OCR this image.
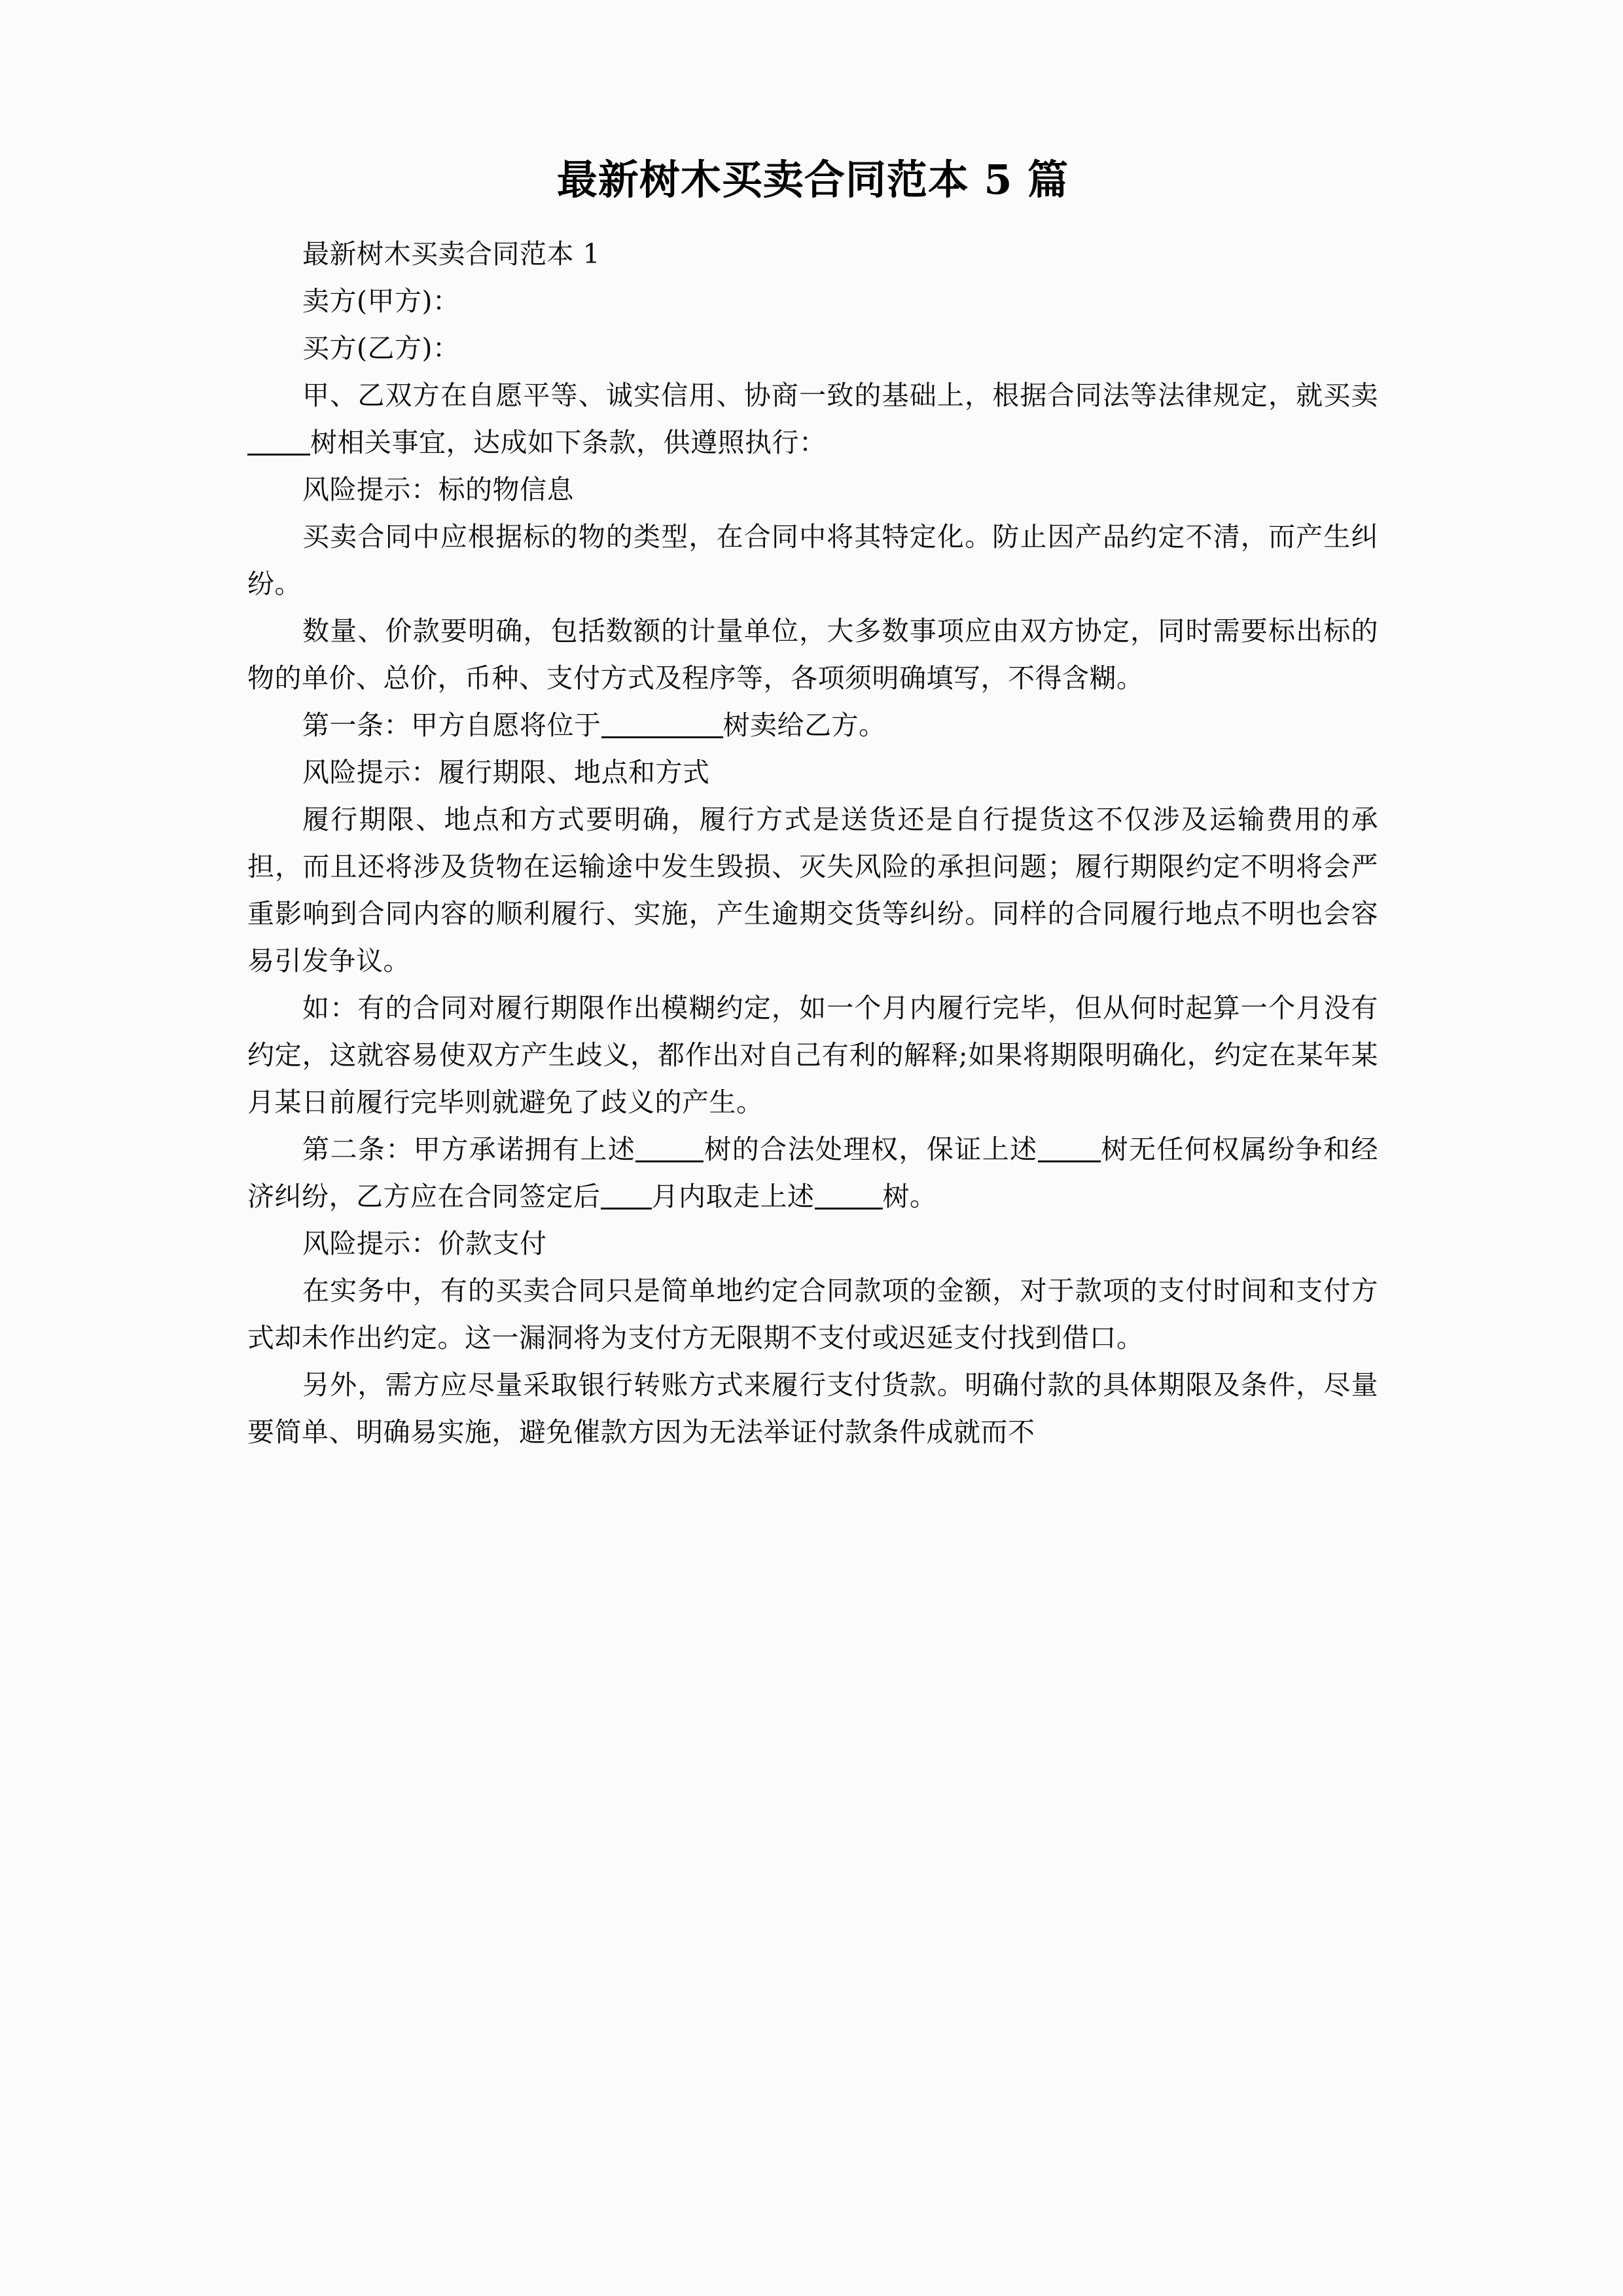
最新树木买卖合同范本 5 篇

最新树木买卖合同范本 1

卖方(甲方)：

买方(乙方)：

甲、乙双方在自愿平等、诚实信用、协商一致的基础上，根据合同法等法律规定，就买卖树相关事宜，达成如下条款，供遵照执行：

风险提示：标的物信息

买卖合同中应根据标的物的类型，在合同中将其特定化。防止因产品约定不清，而产生纠纷。

数量、价款要明确，包括数额的计量单位，大多数事项应由双方协定，同时需要标出标的物的单价、总价，币种、支付方式及程序等，各项须明确填写，不得含糊。

第一条：甲方自愿将位于	树卖给乙方。

风险提示：履行期限、地点和方式

履行期限、地点和方式要明确，履行方式是送货还是自行提货这不仅涉及运输费用的承担，而且还将涉及货物在运输途中发生毁损、灭失风险的承担问题；履行期限约定不明将会严重影响到合同内容的顺利履行、实施，产生逾期交货等纠纷。同样的合同履行地点不明也会容易引发争议。

如：有的合同对履行期限作出模糊约定，如一个月内履行完毕，但从何时起算一个月没有约定，这就容易使双方产生歧义，都作出对自己有利的解释;如果将期限明确化，约定在某年某月某日前履行完毕则就避免了歧义的产生。

第二条：甲方承诺拥有上述	树的合法处理权，保证上述 树无任何权属纷争和经济纠纷，乙方应在合同签定后 月内取走上述	树。

风险提示：价款支付

在实务中，有的买卖合同只是简单地约定合同款项的金额，对于款项的支付时间和支付方式却未作出约定。这一漏洞将为支付方无限期不支付或迟延支付找到借口。

另外，需方应尽量采取银行转账方式来履行支付货款。明确付款的具体期限及条件，尽量要简单、明确易实施，避免催款方因为无法举证付款条件成就而不
